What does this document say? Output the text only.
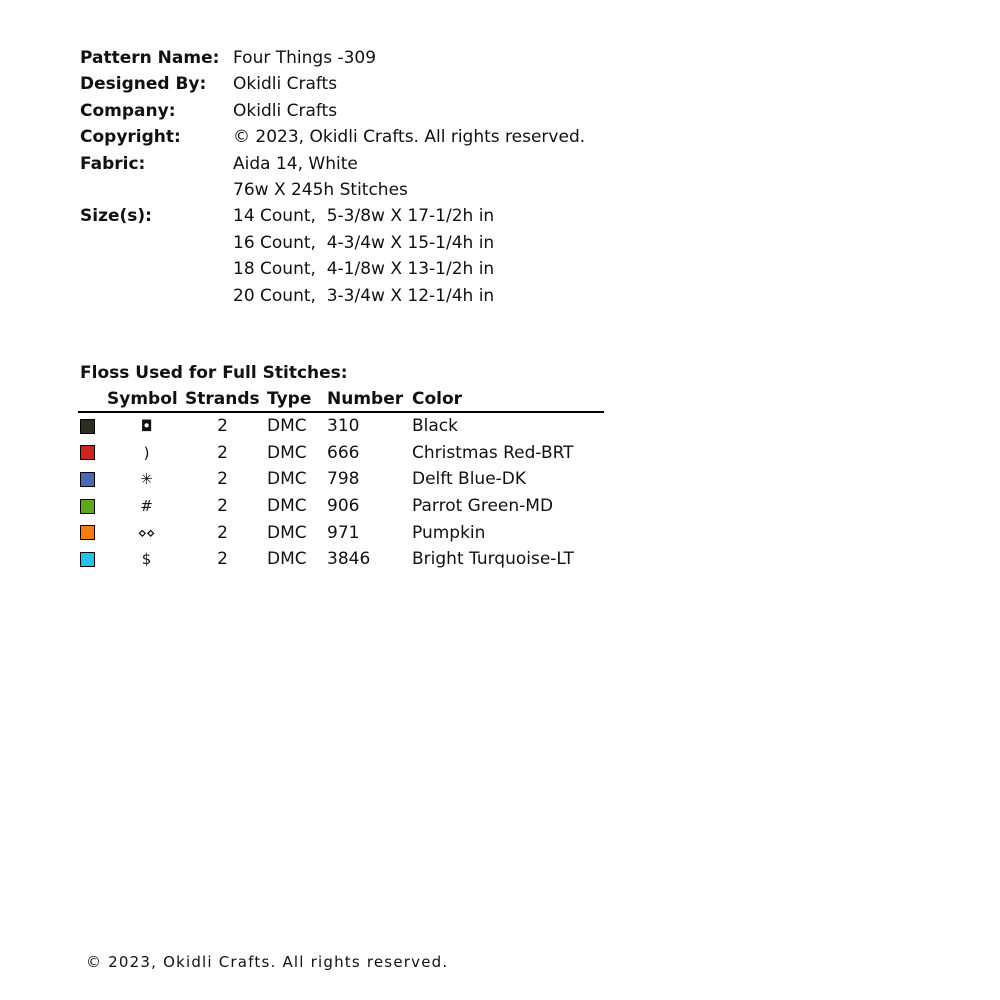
Pattern Name: Four Things -309
Designed By:	Okidli Crafts
Company:	Okidli Crafts
Copyright:	© 2023, Okidli Crafts. All rights reserved.
Fabric:	Aida 14, White
76w X 245h Stitches
Size(s):	14 Count,  5-3/8w X 17-1/2h in
16 Count,  4-3/4w X 15-1/4h in
18 Count,  4-1/8w X 13-1/2h in
20 Count,  3-3/4w X 12-1/4h in
Floss Used for Full Stitches:
Symbol Strands Type Number Color
◘	2	DMC	310	Black
)	2	DMC	666	Christmas Red-BRT
✳	2	DMC	798	Delft Blue-DK
#	2	DMC	906	Parrot Green-MD
⋄⋄	2	DMC	971	Pumpkin
$	2	DMC	3846	Bright Turquoise-LT
© 2023, Okidli Crafts. All rights reserved.
